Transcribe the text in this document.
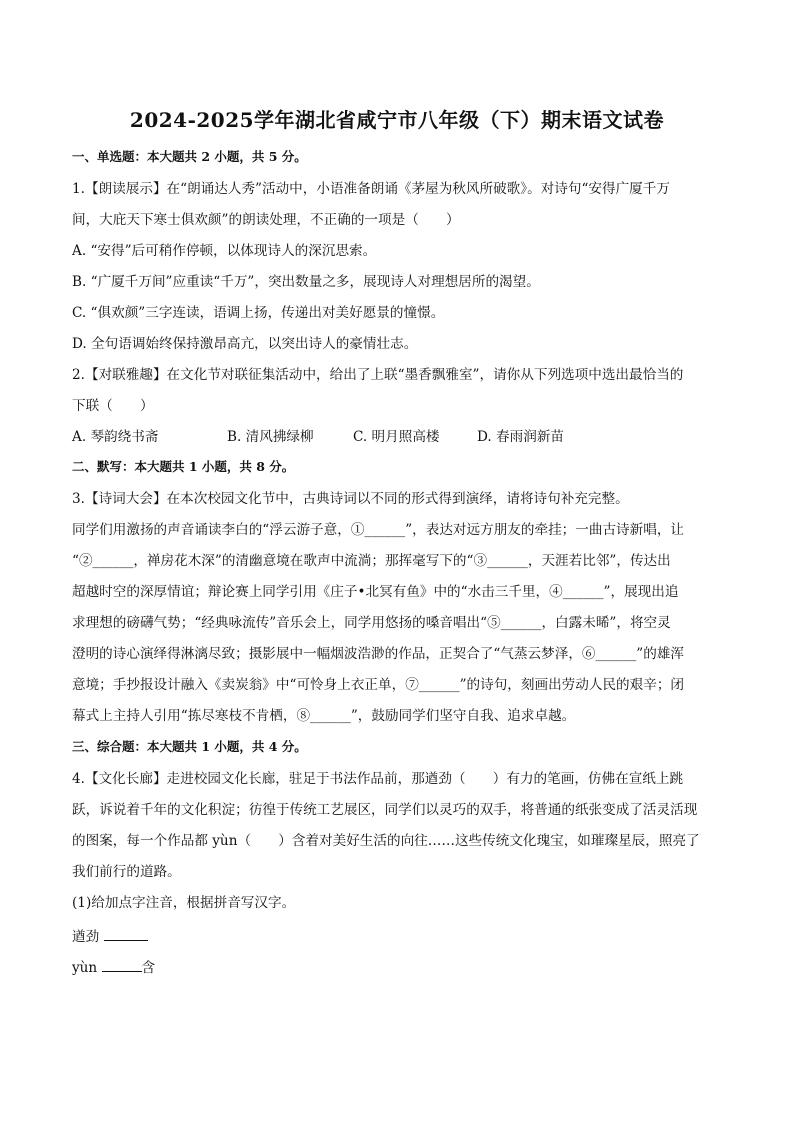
2024-2025学年湖北省咸宁市八年级（下）期末语文试卷
一、单选题：本大题共 2 小题，共 5 分。
1.【朗读展示】在“朗诵达人秀”活动中，小语准备朗诵《茅屋为秋风所破歌》。对诗句“安得广厦千万
间，大庇天下寒士俱欢颜”的朗读处理，不正确的一项是（　　）
A. “安得”后可稍作停顿，以体现诗人的深沉思索。
B. “广厦千万间”应重读“千万”，突出数量之多，展现诗人对理想居所的渴望。
C. “俱欢颜”三字连读，语调上扬，传递出对美好愿景的憧憬。
D. 全句语调始终保持激昂高亢，以突出诗人的豪情壮志。
2.【对联雅趣】在文化节对联征集活动中，给出了上联“墨香飘雅室”，请你从下列选项中选出最恰当的
下联（　　）
A. 琴韵绕书斋	B. 清风拂绿柳	C. 明月照高楼	D. 春雨润新苗
二、默写：本大题共 1 小题，共 8 分。
3.【诗词大会】在本次校园文化节中，古典诗词以不同的形式得到演绎，请将诗句补充完整。
同学们用激扬的声音诵读李白的“浮云游子意，①______”，表达对远方朋友的牵挂；一曲古诗新唱，让
“②______，禅房花木深”的清幽意境在歌声中流淌；那挥毫写下的“③______，天涯若比邻”，传达出
超越时空的深厚情谊；辩论赛上同学引用《庄子•北冥有鱼》中的“水击三千里，④______”，展现出追
求理想的磅礴气势；“经典咏流传”音乐会上，同学用悠扬的嗓音唱出“⑤______，白露未晞”，将空灵
澄明的诗心演绎得淋漓尽致；摄影展中一幅烟波浩渺的作品，正契合了“气蒸云梦泽，⑥______”的雄浑
意境；手抄报设计融入《卖炭翁》中“可怜身上衣正单，⑦______”的诗句，刻画出劳动人民的艰辛；闭
幕式上主持人引用“拣尽寒枝不肯栖，⑧______”，鼓励同学们坚守自我、追求卓越。
三、综合题：本大题共 1 小题，共 4 分。
4.【文化长廊】走进校园文化长廊，驻足于书法作品前，那遒劲（　　）有力的笔画，仿佛在宣纸上跳
跃，诉说着千年的文化积淀；彷徨于传统工艺展区，同学们以灵巧的双手，将普通的纸张变成了活灵活现
的图案，每一个作品都 yùn（　　）含着对美好生活的向往……这些传统文化瑰宝，如璀璨星辰，照亮了
我们前行的道路。
(1)给加点字注音，根据拼音写汉字。
遒劲
yùn	含
